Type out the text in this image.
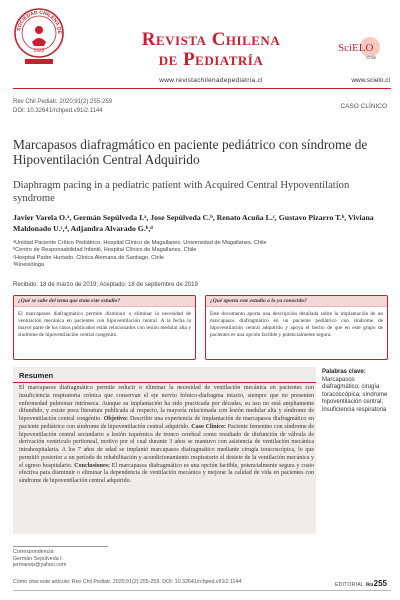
SOCIEDAD CHILENA DE
1922
Revista Chilena
de Pediatría
www.revistachilenadepediatria.cl
SciELO
Chile
www.scielo.cl
Rev Chil Pediatr. 2020;91(2):255-259
DOI: 10.32641/rchped.v91i2.1144
CASO CLÍNICO
Marcapasos diafragmático en paciente pediátrico con síndrome de Hipoventilación Central Adquirido
Diaphragm pacing in a pediatric patient with Acquired Central Hypoventilation syndrome
Javier Varela O.ᵃ, Germán Sepúlveda I.ᵃ, Jose Sepúlveda C.ᵇ, Renato Acuña L.ᶜ, Gustavo Pizarro T.ᵇ, Viviana Maldonado U.ᶜ,ᵈ, Adjandra Alvarado G.ᵇ,ᵈ
ᵃUnidad Paciente Crítico Pediátrico, Hospital Clínico de Magallanes. Universidad de Magallanes. Chile
ᵇCentro de Responsabilidad Infantil, Hospital Clínico de Magallanes. Chile
ᶜHospital Padre Hurtado. Clínica Alemana de Santiago. Chile
ᵈKinesióloga
Recibido: 18 de marzo de 2019; Aceptado: 18 de septiembre de 2019
¿Qué se sabe del tema que trata este estudio?
El marcapasos diafragmático permite disminuir o eliminar la necesidad de ventilación mecánica en pacientes con hipoventilación central. A la fecha la mayor parte de los casos publicados están relacionados con lesión medular alta y síndrome de hipoventilación central congénito.
¿Qué aporta este estudio a lo ya conocido?
Este documento aporta una descripción detallada sobre la implantación de un marcapasos diafragmático en un paciente pediátrico con síndrome de hipoventilación central adquirido y apoya el hecho de que en este grupo de pacientes es una opción factible y potencialmente segura.
Resumen
El marcapasos diafragmático permite reducir o eliminar la necesidad de ventilación mecánica en pacientes con insuficiencia respiratoria crónica que conservan el eje nervio frénico-diafragma intacto, siempre que no presenten enfermedad pulmonar intrínseca. Aunque su implantación ha sido practicada por décadas, su uso no está ampliamente difundido, y existe poca literatura publicada al respecto, la mayoría relacionada con lesión medular alta y síndrome de hipoventilación central congénito. Objetivo: Describir una experiencia de implantación de marcapasos diafragmático en paciente pediátrico con síndrome de hipoventilación central adquirido. Caso Clínico: Paciente femenino con síndrome de hipoventilación central secundario a lesión isquémica de tronco cerebral como resultado de disfunción de válvula de derivación ventrículo peritoneal, motivo por el cual durante 3 años se mantuvo con asistencia de ventilación mecánica intrahospitalaria. A los 7 años de edad se implantó marcapasos diafragmático mediante cirugía toracoscópica, lo que permitió posterior a un período de rehabilitación y acondicionamiento respiratorio el destete de la ventilación mecánica y el egreso hospitalario. Conclusiones: El marcapasos diafragmático es una opción factible, potencialmente segura y costo efectiva para disminuir o eliminar la dependencia de ventilación mecánica y mejorar la calidad de vida en pacientes con síndrome de hipoventilación central adquirido.
Palabras clave:
Marcapasos diafragmático; cirugía toracoscópica; síndrome hipoventilación central; insuficiencia respiratoria
Correspondencia:
Germán Sepúlveda I.
jermanep@yahoo.com
Cómo citar este artículo: Rev Chil Pediatr. 2020;91(2):255-259. DOI: 10.32641/rchped.v91i2.1144	EDITORIAL iku 255
